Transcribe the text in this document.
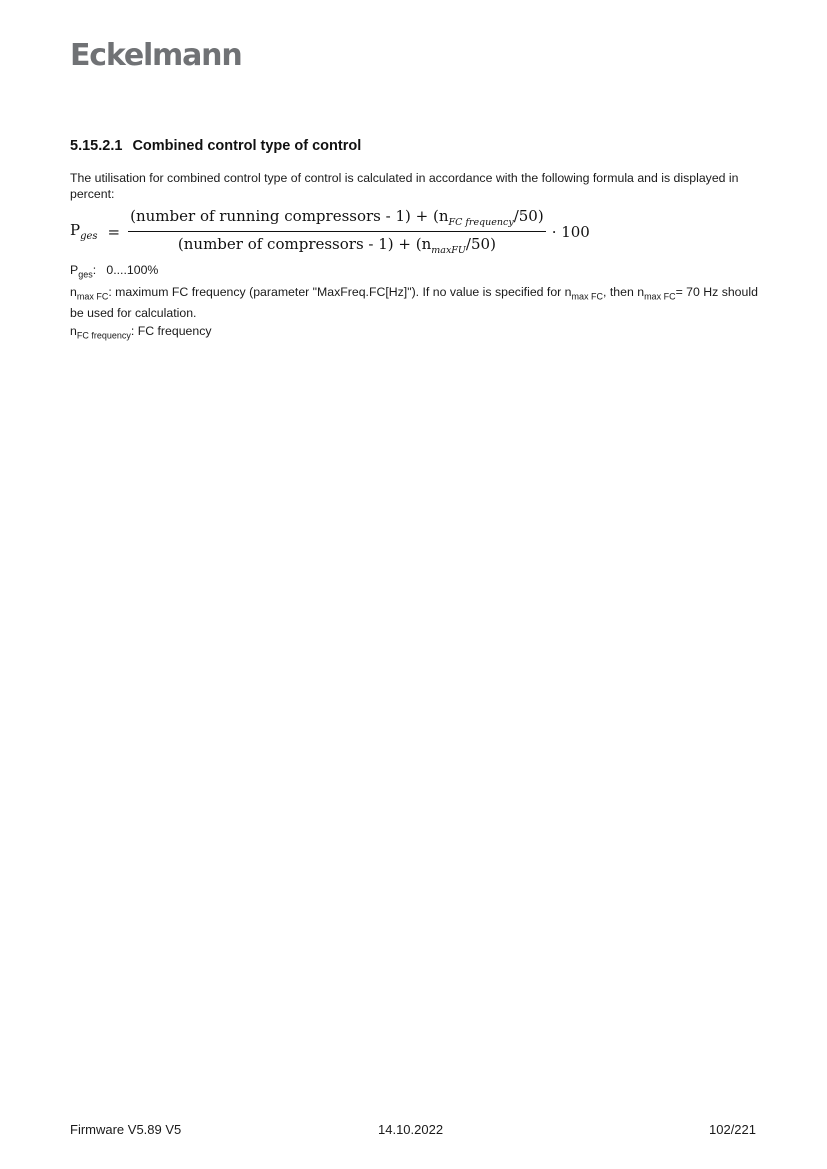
Eckelmann
5.15.2.1 Combined control type of control
The utilisation for combined control type of control is calculated in accordance with the following formula and is displayed in percent:
$P_{ges} = \frac{(number of running compressors - 1) + (n_{FC frequency}/50)}{(number of compressors - 1) + (n_{maxFU}/50)} \cdot 100$

$P_{ges}$:   0....100%

$n_{max FC}$: maximum FC frequency (parameter "MaxFreq.FC[Hz]"). If no value is specified for $n_{max FC}$, then $n_{max FC}= 70$ Hz should be used for calculation.

$n_{FC frequency}$: FC frequency

Firmware V5.89 V5	14.10.2022	102/221
